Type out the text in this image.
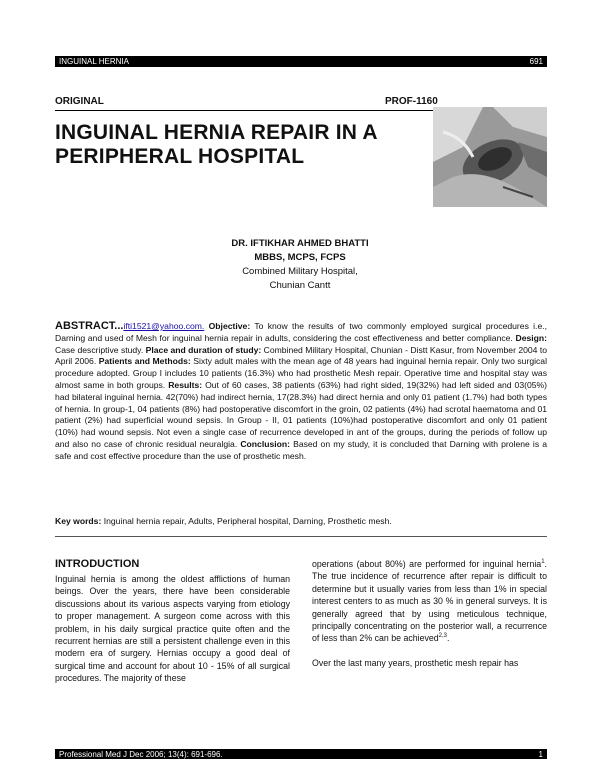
INGUINAL HERNIA	691
ORIGINAL	PROF-1160
INGUINAL HERNIA REPAIR IN A PERIPHERAL HOSPITAL
DR. IFTIKHAR AHMED BHATTI
MBBS, MCPS, FCPS
Combined Military Hospital,
Chunian Cantt

ABSTRACT...ifti1521@yahoo.com. Objective: To know the results of two commonly employed surgical procedures i.e., Darning and used of Mesh for inguinal hernia repair in adults, considering the cost effectiveness and better compliance. Design: Case descriptive study. Place and duration of study: Combined Military Hospital, Chunian - Distt Kasur, from November 2004 to April 2006. Patients and Methods: Sixty adult males with the mean age of 48 years had inguinal hernia repair. Only two surgical procedure adopted. Group I includes 10 patients (16.3%) who had prosthetic Mesh repair. Operative time and hospital stay was almost same in both groups. Results: Out of 60 cases, 38 patients (63%) had right sided, 19(32%) had left sided and 03(05%) had bilateral inguinal hernia. 42(70%) had indirect hernia, 17(28.3%) had direct hernia and only 01 patient (1.7%) had both types of hernia. In group-1, 04 patients (8%) had postoperative discomfort in the groin, 02 patients (4%) had scrotal haematoma and 01 patient (2%) had superficial wound sepsis. In Group - II, 01 patients (10%)had postoperative discomfort and only 01 patient (10%) had wound sepsis. Not even a single case of recurrence developed in ant of the groups, during the periods of follow up and also no case of chronic residual neuralgia. Conclusion: Based on my study, it is concluded that Darning with prolene is a safe and cost effective procedure than the use of prosthetic mesh.

Key words: Inguinal hernia repair, Adults, Peripheral hospital, Darning, Prosthetic mesh.
INTRODUCTION

Inguinal hernia is among the oldest afflictions of human beings. Over the years, there have been considerable discussions about its various aspects varying from etiology to proper management. A surgeon come across with this problem, in his daily surgical practice quite often and the recurrent hernias are still a persistent challenge even in this modern era of surgery. Hernias occupy a good deal of surgical time and account for about 10 - 15% of all surgical procedures. The majority of these

operations (about 80%) are performed for inguinal hernia$^1$. The true incidence of recurrence after repair is difficult to determine but it usually varies from less than 1% in special interest centers to as much as 30 % in general surveys. It is generally agreed that by using meticulous technique, principally concentrating on the posterior wall, a recurrence of less than 2% can be achieved$^{2,3}$.

Over the last many years, prosthetic mesh repair has

Professional Med J Dec 2006; 13(4): 691-696.	1
